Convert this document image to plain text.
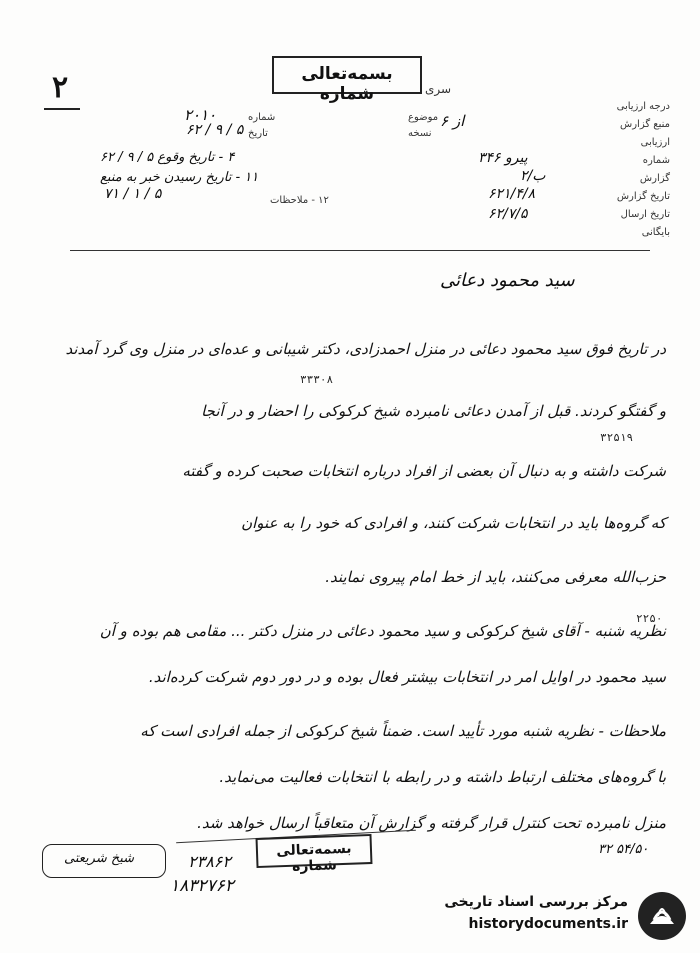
۲	بسمه‌تعالی شماره	سری
شماره
۲۰۱۰
تاریخ
۵ / ۹ / ۶۲
موضوع
نسخه
از ۶
۴ - تاریخ وقوع ۵ / ۹ / ۶۲
۱۱ - تاریخ رسیدن خبر به منبع
۱۲ - ملاحظات
۵ / ۱ / ۷۱
درجه ارزیابی
منبع گزارش
ارزیابی
شماره
گزارش
تاریخ گزارش
تاریخ ارسال
بایگانی
پیرو ۳۴۶
ب/۲
۶۲۱/۴/۸
۶۲/۷/۵
سید محمود دعائی
در تاریخ فوق سید محمود دعائی در منزل احمدزادی، دکتر شیبانی و عده‌ای در منزل وی گرد آمدند
۳۳۳۰۸
و گفتگو کردند. قبل از آمدن دعائی نامبرده شیخ کرکوکی را احضار و در آنجا
۳۲۵۱۹
شرکت داشته و به دنبال آن بعضی از افراد درباره انتخابات صحبت کرده و گفته
که گروه‌ها باید در انتخابات شرکت کنند، و افرادی که خود را به عنوان
حزب‌الله معرفی می‌کنند، باید از خط امام پیروی نمایند.
۲۲۵۰
نظریه شنبه - آقای شیخ کرکوکی و سید محمود دعائی در منزل دکتر ... مقامی هم بوده و آن
سید محمود در اوایل امر در انتخابات بیشتر فعال بوده و در دور دوم شرکت کرده‌اند.
ملاحظات - نظریه شنبه مورد تأیید است. ضمناً شیخ کرکوکی از جمله افرادی است که
با گروه‌های مختلف ارتباط داشته و در رابطه با انتخابات فعالیت می‌نماید.
منزل نامبرده تحت کنترل قرار گرفته و گزارش آن متعاقباً ارسال خواهد شد.
بسمه‌تعالی شماره
۲۳۸۶۲
۱۸۳۲۷۶۲
شیخ شریعتی
۵۴/۵۰ ۳۲
مرکز بررسی اسناد تاریخی
historydocuments.ir
